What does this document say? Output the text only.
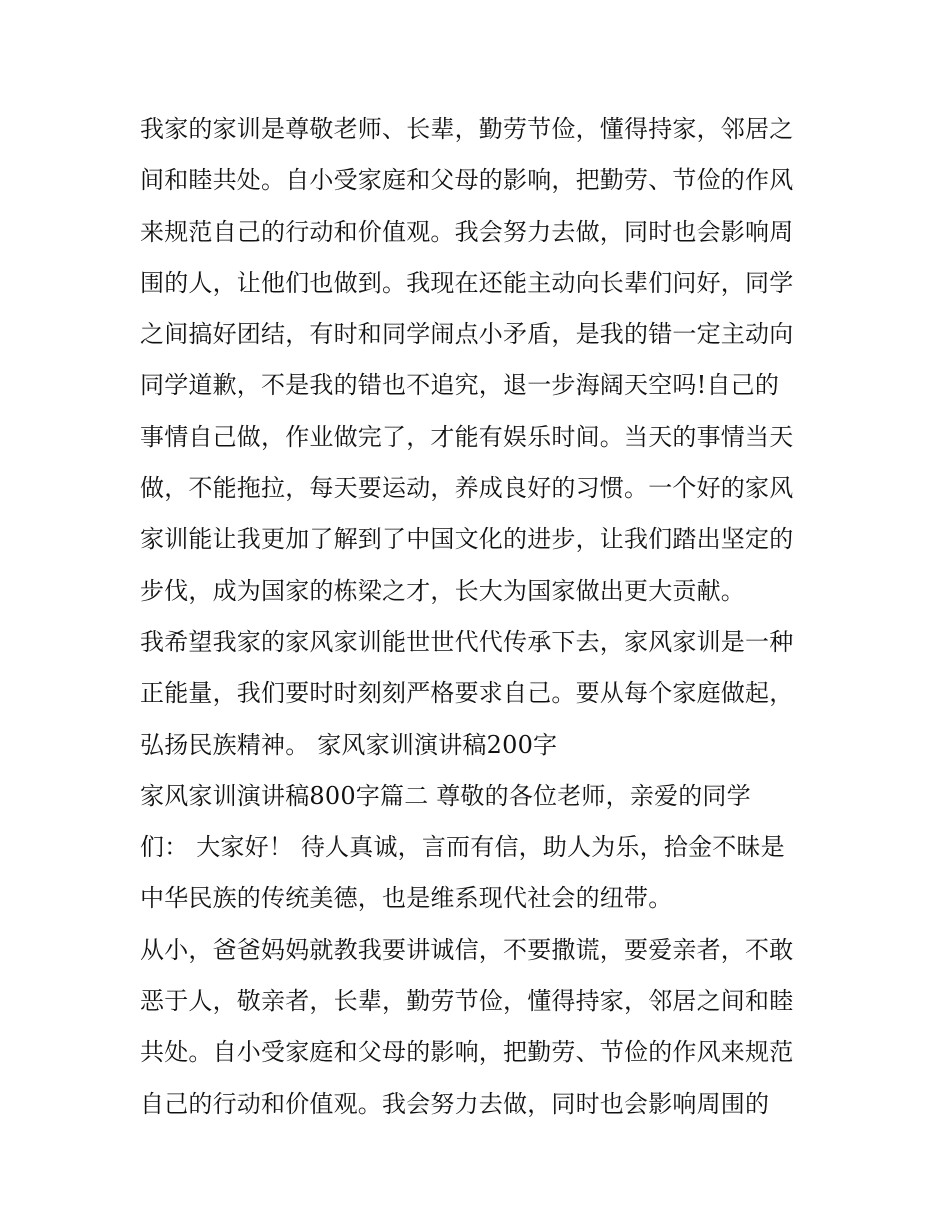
我家的家训是尊敬老师、长辈，勤劳节俭，懂得持家，邻居之
间和睦共处。自小受家庭和父母的影响，把勤劳、节俭的作风
来规范自己的行动和价值观。我会努力去做，同时也会影响周
围的人，让他们也做到。我现在还能主动向长辈们问好，同学
之间搞好团结，有时和同学闹点小矛盾，是我的错一定主动向
同学道歉，不是我的错也不追究，退一步海阔天空吗!自己的
事情自己做，作业做完了，才能有娱乐时间。当天的事情当天
做，不能拖拉，每天要运动，养成良好的习惯。一个好的家风
家训能让我更加了解到了中国文化的进步，让我们踏出坚定的
步伐，成为国家的栋梁之才，长大为国家做出更大贡献。
我希望我家的家风家训能世世代代传承下去，家风家训是一种
正能量，我们要时时刻刻严格要求自己。要从每个家庭做起，
弘扬民族精神。 家风家训演讲稿200字
家风家训演讲稿800字篇二 尊敬的各位老师，亲爱的同学
们： 大家好！ 待人真诚，言而有信，助人为乐，拾金不昧是
中华民族的传统美德，也是维系现代社会的纽带。
从小，爸爸妈妈就教我要讲诚信，不要撒谎，要爱亲者，不敢
恶于人，敬亲者，长辈，勤劳节俭，懂得持家，邻居之间和睦
共处。自小受家庭和父母的影响，把勤劳、节俭的作风来规范
自己的行动和价值观。我会努力去做，同时也会影响周围的
